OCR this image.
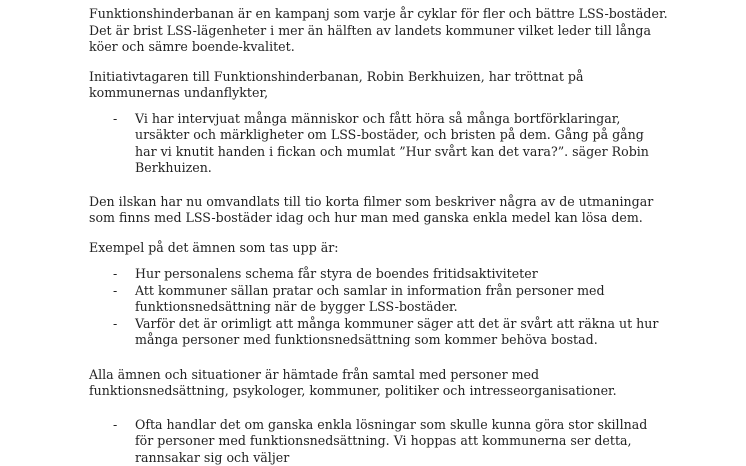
Funktionshinderbanan är en kampanj som varje år cyklar för fler och bättre LSS-bostäder. Det är brist LSS-lägenheter i mer än hälften av landets kommuner vilket leder till långa köer och sämre boende-kvalitet.

Initiativtagaren till Funktionshinderbanan, Robin Berkhuizen, har tröttnat på kommunernas undanflykter,

- Vi har intervjuat många människor och fått höra så många bortförklaringar, ursäkter och märkligheter om LSS-bostäder, och bristen på dem. Gång på gång har vi knutit handen i fickan och mumlat ”Hur svårt kan det vara?”. säger Robin Berkhuizen.

Den ilskan har nu omvandlats till tio korta filmer som beskriver några av de utmaningar som finns med LSS-bostäder idag och hur man med ganska enkla medel kan lösa dem.

Exempel på det ämnen som tas upp är:

- Hur personalens schema får styra de boendes fritidsaktiviteter
- Att kommuner sällan pratar och samlar in information från personer med funktionsnedsättning när de bygger LSS-bostäder.
- Varför det är orimligt att många kommuner säger att det är svårt att räkna ut hur många personer med funktionsnedsättning som kommer behöva bostad.

Alla ämnen och situationer är hämtade från samtal med personer med funktionsnedsättning, psykologer, kommuner, politiker och intresseorganisationer.

- Ofta handlar det om ganska enkla lösningar som skulle kunna göra stor skillnad för personer med funktionsnedsättning. Vi hoppas att kommunerna ser detta, rannsakar sig och väljer
